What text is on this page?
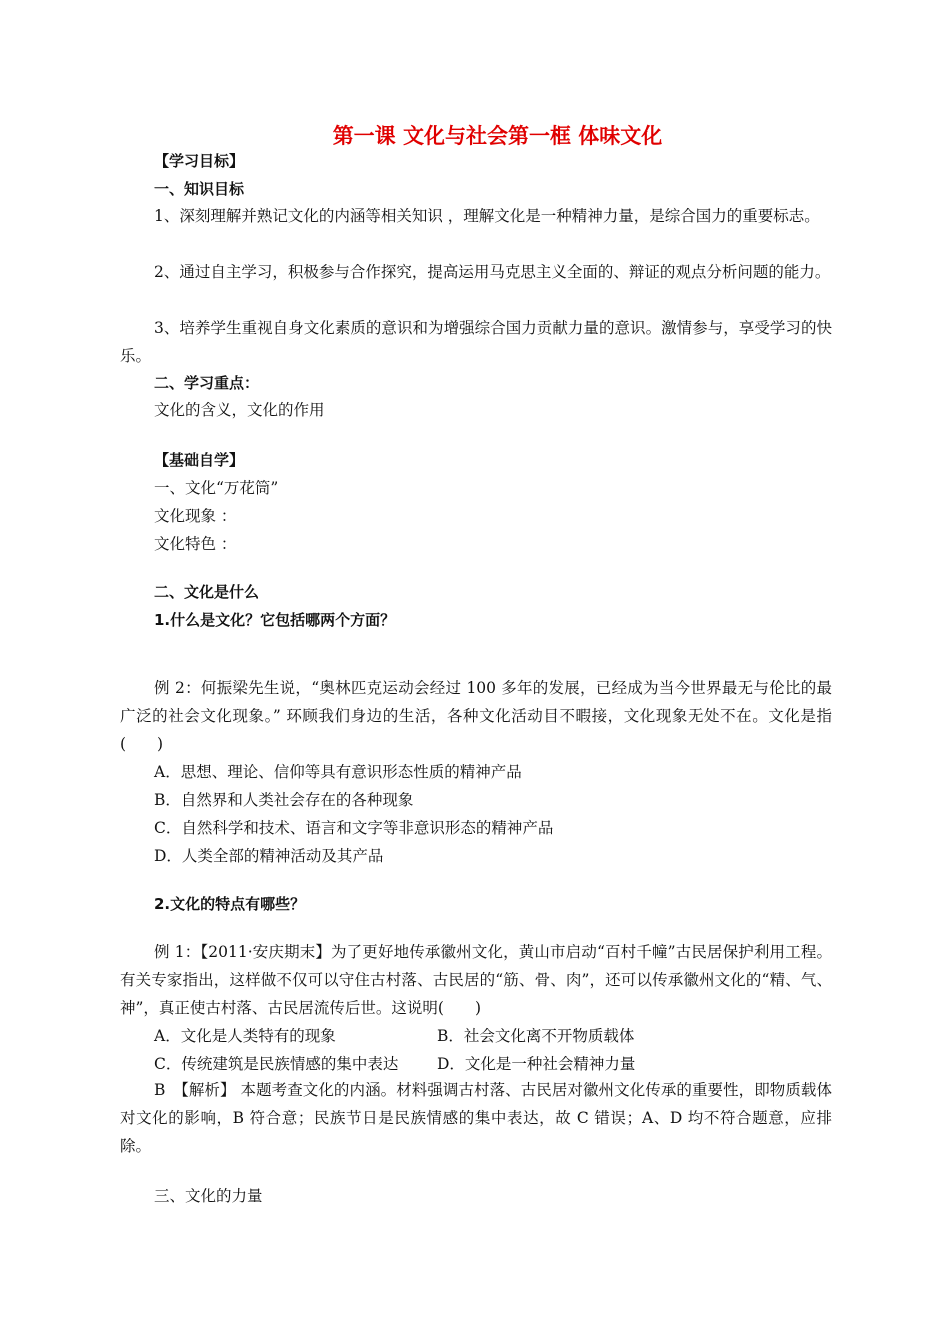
第一课 文化与社会第一框 体味文化
【学习目标】
一、知识目标
1、深刻理解并熟记文化的内涵等相关知识 ，理解文化是一种精神力量，是综合国力的重要标志。
2、通过自主学习，积极参与合作探究，提高运用马克思主义全面的、辩证的观点分析问题的能力。
3、培养学生重视自身文化素质的意识和为增强综合国力贡献力量的意识。激情参与，享受学习的快乐。
二、学习重点：
文化的含义，文化的作用
【基础自学】
一、文化“万花筒”
文化现象 ：
文化特色 ：
二、文化是什么
1.什么是文化？它包括哪两个方面？
例 2：何振梁先生说，“奥林匹克运动会经过 100 多年的发展，已经成为当今世界最无与伦比的最广泛的社会文化现象。” 环顾我们身边的生活，各种文化活动目不暇接，文化现象无处不在。文化是指(　　)
A．思想、理论、信仰等具有意识形态性质的精神产品
B．自然界和人类社会存在的各种现象
C．自然科学和技术、语言和文字等非意识形态的精神产品
D．人类全部的精神活动及其产品
2.文化的特点有哪些？
例 1：【2011·安庆期末】为了更好地传承徽州文化，黄山市启动“百村千幢”古民居保护利用工程。有关专家指出，这样做不仅可以守住古村落、古民居的“筋、骨、肉”，还可以传承徽州文化的“精、气、神”，真正使古村落、古民居流传后世。这说明(　　)
A．文化是人类特有的现象	B．社会文化离不开物质载体
C．传统建筑是民族情感的集中表达 D．文化是一种社会精神力量
B　【解析】 本题考查文化的内涵。材料强调古村落、古民居对徽州文化传承的重要性，即物质载体对文化的影响，B 符合意；民族节日是民族情感的集中表达，故 C 错误；A、D 均不符合题意，应排除。
三、文化的力量
